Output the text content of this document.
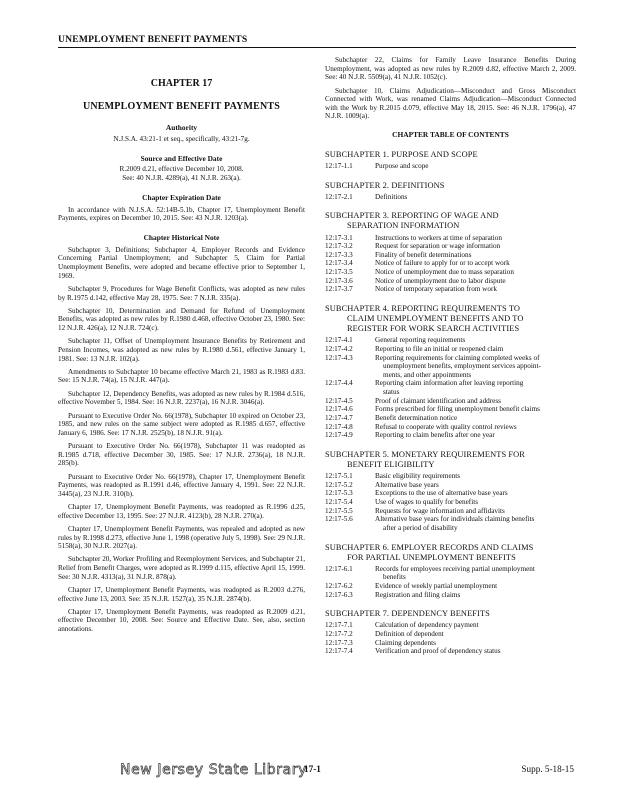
UNEMPLOYMENT BENEFIT PAYMENTS
CHAPTER 17
UNEMPLOYMENT BENEFIT PAYMENTS
Authority
N.J.S.A. 43:21-1 et seq., specifically, 43:21-7g.
Source and Effective Date
R.2009 d.21, effective December 10, 2008.
See: 40 N.J.R. 4289(a), 41 N.J.R. 263(a).
Chapter Expiration Date

In accordance with N.J.S.A. 52:14B-5.1b, Chapter 17, Unemployment Benefit Payments, expires on December 10, 2015. See: 43 N.J.R. 1203(a).

Chapter Historical Note

Subchapter 3, Definitions; Subchapter 4, Employer Records and Evidence Concerning Partial Unemployment; and Subchapter 5, Claim for Partial Unemployment Benefits, were adopted and became effective prior to September 1, 1969.

Subchapter 9, Procedures for Wage Benefit Conflicts, was adopted as new rules by R.1975 d.142, effective May 28, 1975. See: 7 N.J.R. 335(a).

Subchapter 10, Determination and Demand for Refund of Unemployment Benefits, was adopted as new rules by R.1980 d.468, effective October 23, 1980. See: 12 N.J.R. 426(a), 12 N.J.R. 724(c).

Subchapter 11, Offset of Unemployment Insurance Benefits by Retirement and Pension Incomes, was adopted as new rules by R.1980 d.561, effective January 1, 1981. See: 13 N.J.R. 102(a).

Amendments to Subchapter 10 became effective March 21, 1983 as R.1983 d.83. See: 15 N.J.R. 74(a), 15 N.J.R. 447(a).

Subchapter 12, Dependency Benefits, was adopted as new rules by R.1984 d.516, effective November 5, 1984. See: 16 N.J.R. 2237(a), 16 N.J.R. 3046(a).

Pursuant to Executive Order No. 66(1978), Subchapter 10 expired on October 23, 1985, and new rules on the same subject were adopted as R.1985 d.657, effective January 6, 1986. See: 17 N.J.R. 2525(b), 18 N.J.R. 91(a).

Pursuant to Executive Order No. 66(1978), Subchapter 11 was readopted as R.1985 d.718, effective December 30, 1985. See: 17 N.J.R. 2736(a), 18 N.J.R. 285(b).

Pursuant to Executive Order No. 66(1978), Chapter 17, Unemployment Benefit Payments, was readopted as R.1991 d.46, effective January 4, 1991. See: 22 N.J.R. 3445(a), 23 N.J.R. 310(b).

Chapter 17, Unemployment Benefit Payments, was readopted as R.1996 d.25, effective December 13, 1995. See: 27 N.J.R. 4123(b), 28 N.J.R. 270(a).

Chapter 17, Unemployment Benefit Payments, was repealed and adopted as new rules by R.1998 d.273, effective June 1, 1998 (operative July 5, 1998). See: 29 N.J.R. 5158(a), 30 N.J.R. 2027(a).

Subchapter 20, Worker Profiling and Reemployment Services, and Subchapter 21, Relief from Benefit Charges, were adopted as R.1999 d.115, effective April 15, 1999. See: 30 N.J.R. 4313(a), 31 N.J.R. 878(a).

Chapter 17, Unemployment Benefit Payments, was readopted as R.2003 d.276, effective June 13, 2003. See: 35 N.J.R. 1527(a), 35 N.J.R. 2874(b).

Chapter 17, Unemployment Benefit Payments, was readopted as R.2009 d.21, effective December 10, 2008. See: Source and Effective Date. See, also, section annotations.

Subchapter 22, Claims for Family Leave Insurance Benefits During Unemployment, was adopted as new rules by R.2009 d.82, effective March 2, 2009. See: 40 N.J.R. 5509(a), 41 N.J.R. 1052(c).

Subchapter 10, Claims Adjudication—Misconduct and Gross Misconduct Connected with Work, was renamed Claims Adjudication—Misconduct Connected with the Work by R.2015 d.079, effective May 18, 2015. See: 46 N.J.R. 1796(a), 47 N.J.R. 1009(a).

CHAPTER TABLE OF CONTENTS
SUBCHAPTER 1. PURPOSE AND SCOPE
12:17-1.1	Purpose and scope
SUBCHAPTER 2. DEFINITIONS
12:17-2.1	Definitions
SUBCHAPTER 3. REPORTING OF WAGE AND
SEPARATION INFORMATION
12:17-3.1	Instructions to workers at time of separation
12:17-3.2	Request for separation or wage information
12:17-3.3	Finality of benefit determinations
12:17-3.4	Notice of failure to apply for or to accept work
12:17-3.5	Notice of unemployment due to mass separation
12:17-3.6	Notice of unemployment due to labor dispute
12:17-3.7	Notice of temporary separation from work
SUBCHAPTER 4. REPORTING REQUIREMENTS TO
CLAIM UNEMPLOYMENT BENEFITS AND TO
REGISTER FOR WORK SEARCH ACTIVITIES
12:17-4.1	General reporting requirements
12:17-4.2	Reporting to file an initial or reopened claim
12:17-4.3	Reporting requirements for claiming completed weeks of
unemployment benefits, employment services appoint-
ments, and other appointments
12:17-4.4	Reporting claim information after leaving reporting
status
12:17-4.5	Proof of claimant identification and address
12:17-4.6	Forms prescribed for filing unemployment benefit claims
12:17-4.7	Benefit determination notice
12:17-4.8	Refusal to cooperate with quality control reviews
12:17-4.9	Reporting to claim benefits after one year
SUBCHAPTER 5. MONETARY REQUIREMENTS FOR
BENEFIT ELIGIBILITY
12:17-5.1	Basic eligibility requirements
12:17-5.2	Alternative base years
12:17-5.3	Exceptions to the use of alternative base years
12:17-5.4	Use of wages to qualify for benefits
12:17-5.5	Requests for wage information and affidavits
12:17-5.6	Alternative base years for individuals claiming benefits
after a period of disability
SUBCHAPTER 6. EMPLOYER RECORDS AND CLAIMS
FOR PARTIAL UNEMPLOYMENT BENEFITS
12:17-6.1	Records for employees receiving partial unemployment
benefits
12:17-6.2	Evidence of weekly partial unemployment
12:17-6.3	Registration and filing claims
SUBCHAPTER 7. DEPENDENCY BENEFITS
12:17-7.1	Calculation of dependency payment
12:17-7.2	Definition of dependent
12:17-7.3	Claiming dependents
12:17-7.4	Verification and proof of dependency status
New Jersey State Library
17-1	Supp. 5-18-15
